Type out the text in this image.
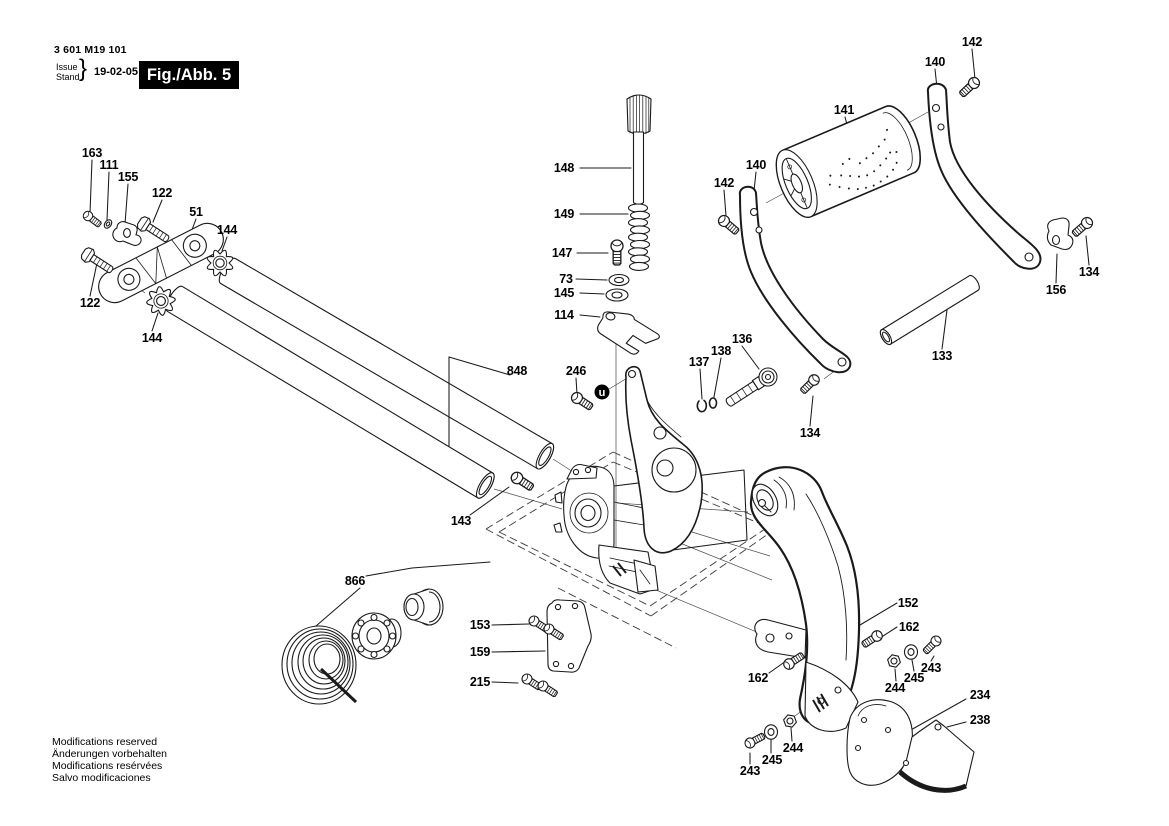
u
3 601 M19 101
Issue
Stand } 19-02-05 Fig./Abb. 5
163
111
155
122
51
144
122
144
148
149
147
73
145
114
142
140
141
140
142
156
134
136
138
137	133
134
848	246
143
866
153
159
215
152
162
162
243
245
244	234
238
244
245
243
Modifications reserved
Änderungen vorbehalten
Modifications resérvées
Salvo modificaciones
